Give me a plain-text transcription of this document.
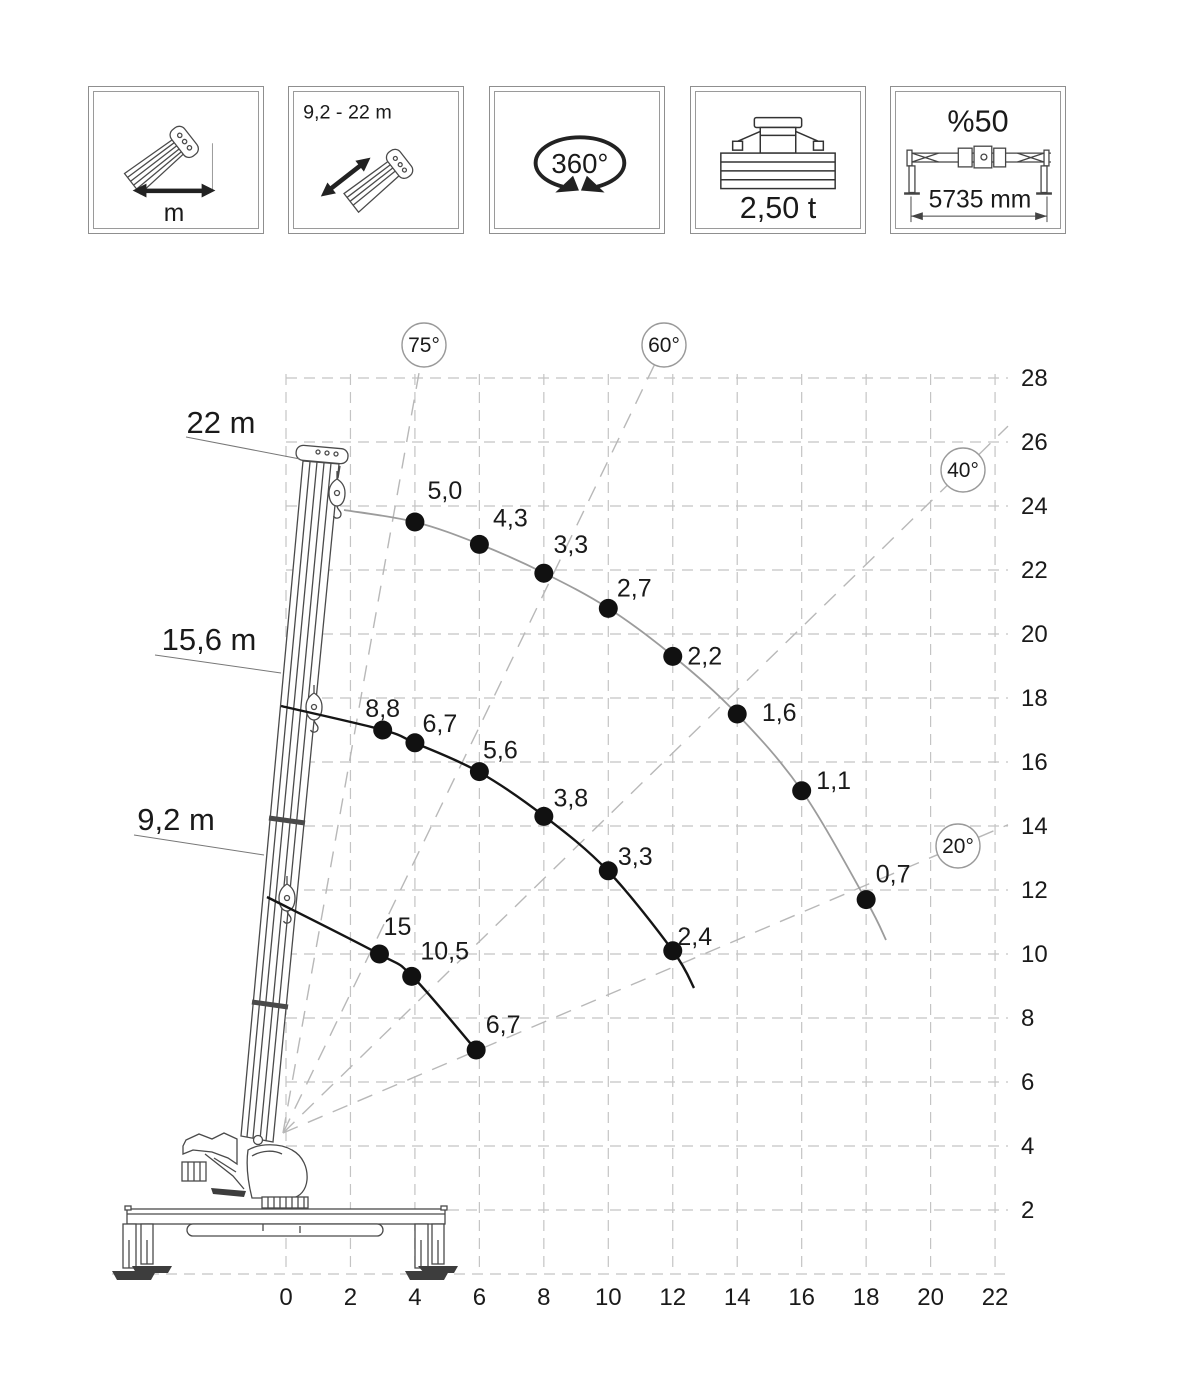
m
9,2 - 22 m
360°
2,50 t
%50
5735 mm
0 2 4 6 8 10 12 14 16 18 20 22
2
4
6
8
10
12
14
16
18
20
22
24
26
28
5,0
4,3
3,3
2,7
2,2
1,6
1,1
0,7
8,8
6,7
5,6
3,8
3,3
2,4
15
10,5
6,7
22 m
15,6 m
9,2 m
75°	60°
40°
20°
